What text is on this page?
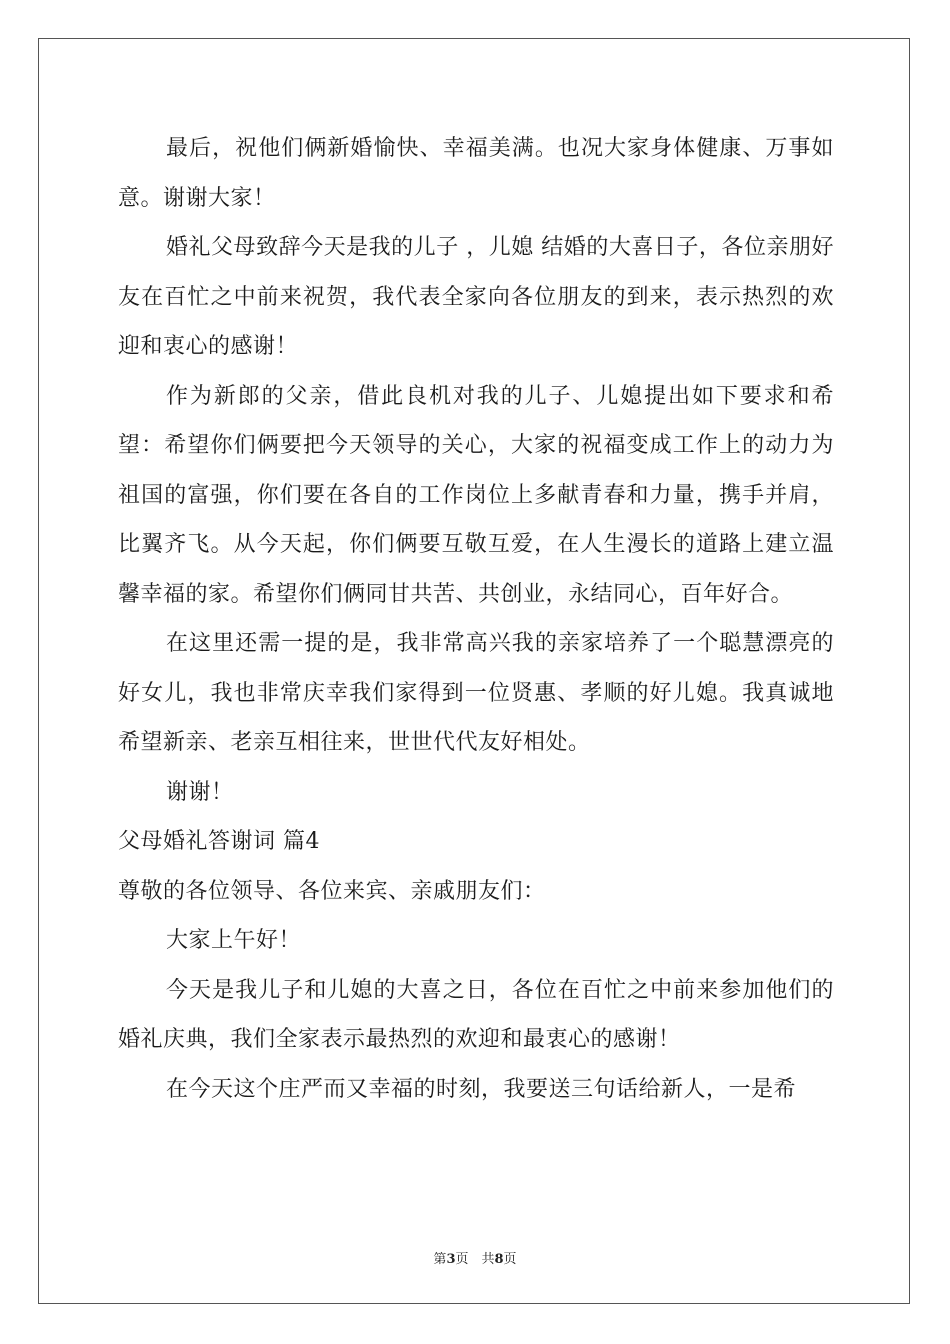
最后，祝他们俩新婚愉快、幸福美满。也况大家身体健康、万事如意。谢谢大家！

婚礼父母致辞今天是我的儿子 ，儿媳 结婚的大喜日子，各位亲朋好友在百忙之中前来祝贺，我代表全家向各位朋友的到来，表示热烈的欢迎和衷心的感谢！

作为新郎的父亲，借此良机对我的儿子、儿媳提出如下要求和希望：希望你们俩要把今天领导的关心，大家的祝福变成工作上的动力为祖国的富强，你们要在各自的工作岗位上多献青春和力量，携手并肩，比翼齐飞。从今天起，你们俩要互敬互爱，在人生漫长的道路上建立温馨幸福的家。希望你们俩同甘共苦、共创业，永结同心，百年好合。

在这里还需一提的是，我非常高兴我的亲家培养了一个聪慧漂亮的好女儿，我也非常庆幸我们家得到一位贤惠、孝顺的好儿媳。我真诚地希望新亲、老亲互相往来，世世代代友好相处。

谢谢！

父母婚礼答谢词 篇4

尊敬的各位领导、各位来宾、亲戚朋友们：

大家上午好！

今天是我儿子和儿媳的大喜之日，各位在百忙之中前来参加他们的婚礼庆典，我们全家表示最热烈的欢迎和最衷心的感谢！

在今天这个庄严而又幸福的时刻，我要送三句话给新人，一是希

第3页　共8页
